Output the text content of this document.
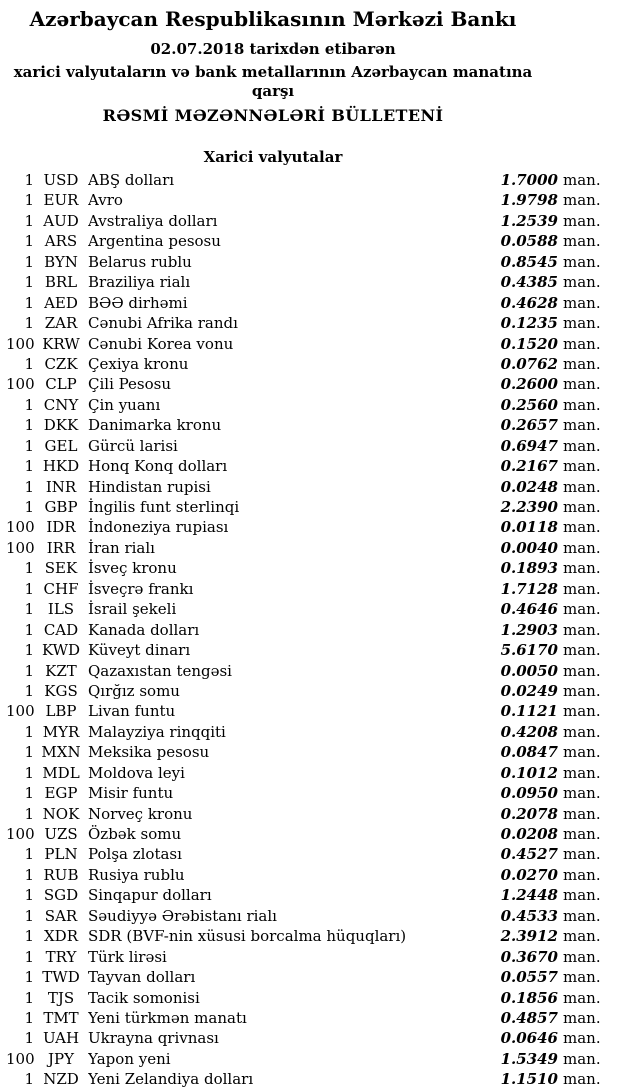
Azərbaycan Respublikasının Mərkəzi Bankı
02.07.2018 tarixdən etibarən
xarici valyutaların və bank metallarının Azərbaycan manatına qarşı
RƏSMİ MƏZƏNNƏLƏRİ BÜLLETENİ
Xarici valyutalar
1 USD ABŞ dolları	1.7000 man.
1 EUR Avro	1.9798 man.
1 AUD Avstraliya dolları	1.2539 man.
1 ARS Argentina pesosu	0.0588 man.
1 BYN Belarus rublu	0.8545 man.
1 BRL Braziliya rialı	0.4385 man.
1 AED BƏƏ dirhəmi	0.4628 man.
1 ZAR Cənubi Afrika randı	0.1235 man.
100 KRW Cənubi Korea vonu	0.1520 man.
1 CZK Çexiya kronu	0.0762 man.
100 CLP Çili Pesosu	0.2600 man.
1 CNY Çin yuanı	0.2560 man.
1 DKK Danimarka kronu	0.2657 man.
1 GEL Gürcü larisi	0.6947 man.
1 HKD Honq Konq dolları	0.2167 man.
1 INR Hindistan rupisi	0.0248 man.
1 GBP İngilis funt sterlinqi	2.2390 man.
100 IDR İndoneziya rupiası	0.0118 man.
100 IRR İran rialı	0.0040 man.
1 SEK İsveç kronu	0.1893 man.
1 CHF İsveçrə frankı	1.7128 man.
1 ILS İsrail şekeli	0.4646 man.
1 CAD Kanada dolları	1.2903 man.
1 KWD Küveyt dinarı	5.6170 man.
1 KZT Qazaxıstan tengəsi	0.0050 man.
1 KGS Qırğız somu	0.0249 man.
100 LBP Livan funtu	0.1121 man.
1 MYR Malayziya rinqqiti	0.4208 man.
1 MXN Meksika pesosu	0.0847 man.
1 MDL Moldova leyi	0.1012 man.
1 EGP Misir funtu	0.0950 man.
1 NOK Norveç kronu	0.2078 man.
100 UZS Özbək somu	0.0208 man.
1 PLN Polşa zlotası	0.4527 man.
1 RUB Rusiya rublu	0.0270 man.
1 SGD Sinqapur dolları	1.2448 man.
1 SAR Səudiyyə Ərəbistanı rialı	0.4533 man.
1 XDR SDR (BVF-nin xüsusi borcalma hüquqları)	2.3912 man.
1 TRY Türk lirəsi	0.3670 man.
1 TWD Tayvan dolları	0.0557 man.
1 TJS Tacik somonisi	0.1856 man.
1 TMT Yeni türkmən manatı	0.4857 man.
1 UAH Ukrayna qrivnası	0.0646 man.
100 JPY Yapon yeni	1.5349 man.
1 NZD Yeni Zelandiya dolları	1.1510 man.
